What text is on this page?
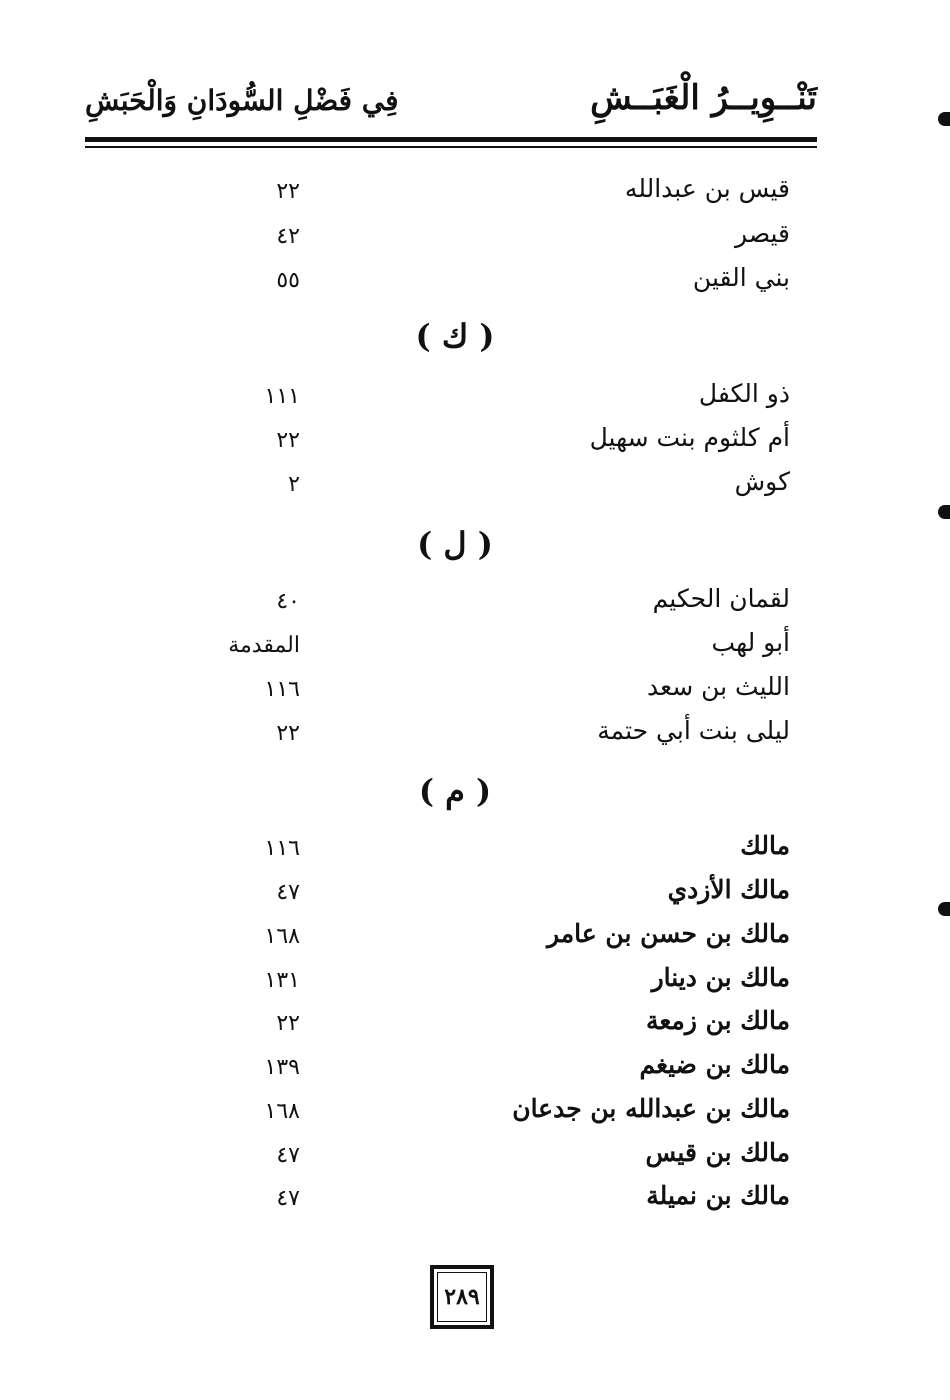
تَنْــوِيــرُ الْغَبَــشِ
فِي فَضْلِ السُّودَانِ وَالْحَبَشِ
قيس بن عبدالله
٢٢
قيصر
٤٢
بني القين
٥٥
( ك )
ذو الكفل
١١١
أم كلثوم بنت سهيل
٢٢
كوش
٢
( ل )
لقمان الحكيم
٤٠
أبو لهب
المقدمة
الليث بن سعد
١١٦
ليلى بنت أبي حتمة
٢٢
( م )
مالك
١١٦
مالك الأزدي
٤٧
مالك بن حسن بن عامر
١٦٨
مالك بن دينار
١٣١
مالك بن زمعة
٢٢
مالك بن ضيغم
١٣٩
مالك بن عبدالله بن جدعان
١٦٨
مالك بن قيس
٤٧
مالك بن نميلة
٤٧
٢٨٩
